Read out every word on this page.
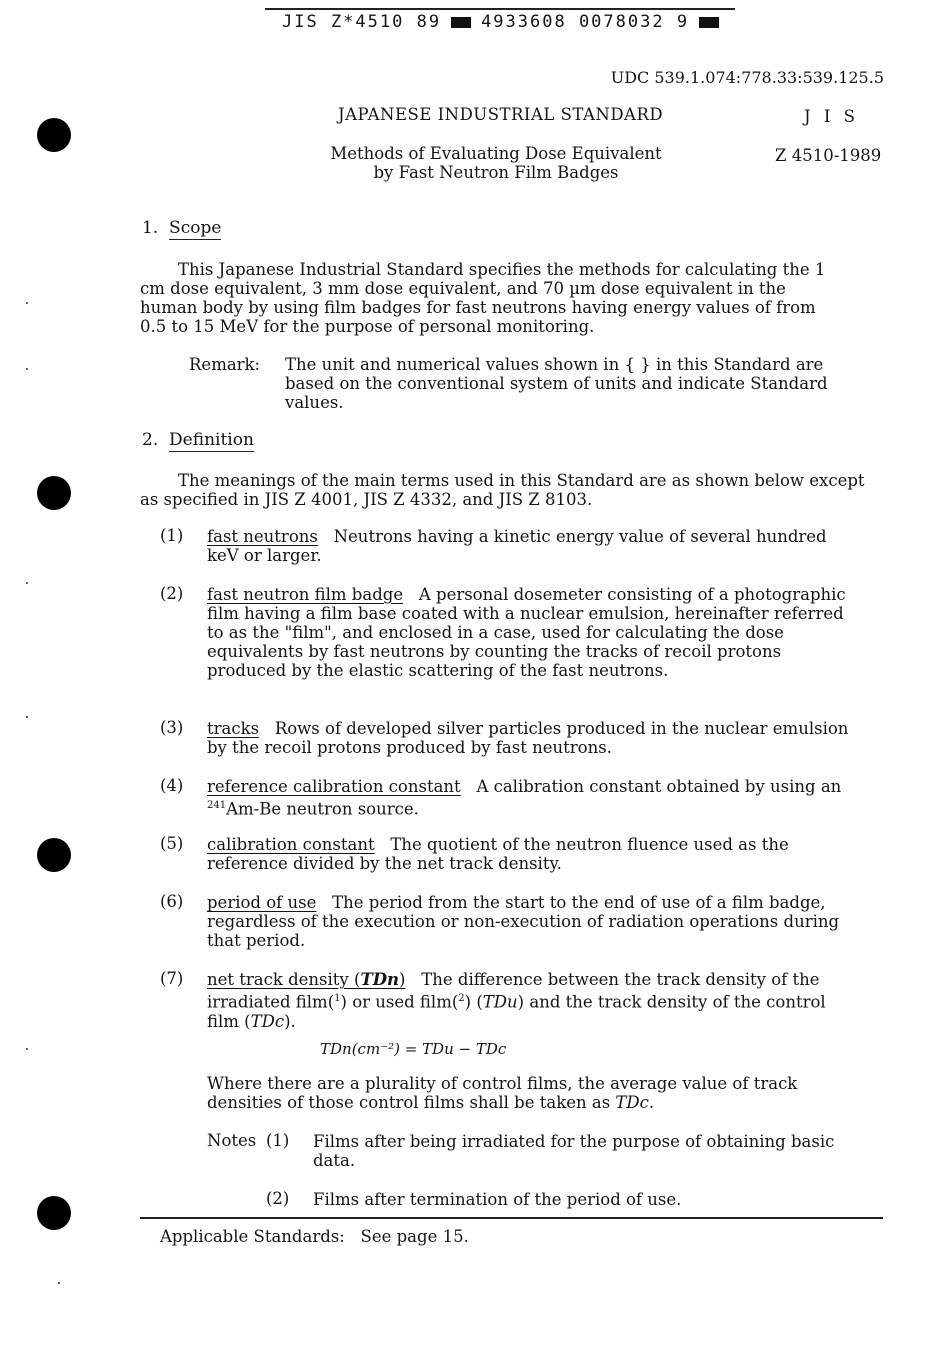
JIS Z*4510 89 4933608 0078032 9
UDC 539.1.074:778.33:539.125.5
JAPANESE INDUSTRIAL STANDARD	J I S
Methods of Evaluating Dose Equivalent
by Fast Neutron Film Badges
Z 4510-1989
1. Scope
This Japanese Industrial Standard specifies the methods for calculating the 1 cm dose equivalent, 3 mm dose equivalent, and 70 µm dose equivalent in the human body by using film badges for fast neutrons having energy values of from 0.5 to 15 MeV for the purpose of personal monitoring.
Remark: The unit and numerical values shown in { } in this Standard are based on the conventional system of units and indicate Standard values.
2. Definition
The meanings of the main terms used in this Standard are as shown below except as specified in JIS Z 4001, JIS Z 4332, and JIS Z 8103.
(1) fast neutrons Neutrons having a kinetic energy value of several hundred keV or larger.
(2) fast neutron film badge A personal dosemeter consisting of a photographic film having a film base coated with a nuclear emulsion, hereinafter referred to as the "film", and enclosed in a case, used for calculating the dose equivalents by fast neutrons by counting the tracks of recoil protons produced by the elastic scattering of the fast neutrons.
(3) tracks Rows of developed silver particles produced in the nuclear emulsion by the recoil protons produced by fast neutrons.
(4) reference calibration constant A calibration constant obtained by using an $^{241}$Am-Be neutron source.
(5) calibration constant The quotient of the neutron fluence used as the reference divided by the net track density.
(6) period of use The period from the start to the end of use of a film badge, regardless of the execution or non-execution of radiation operations during that period.
(7) net track density (TDn) The difference between the track density of the irradiated film($^1$) or used film($^2$) (TDu) and the track density of the control film (TDc).
TDn(cm⁻²) = TDu − TDc
Where there are a plurality of control films, the average value of track densities of those control films shall be taken as TDc.
Notes (1) Films after being irradiated for the purpose of obtaining basic data.
(2) Films after termination of the period of use.
Applicable Standards: See page 15.
